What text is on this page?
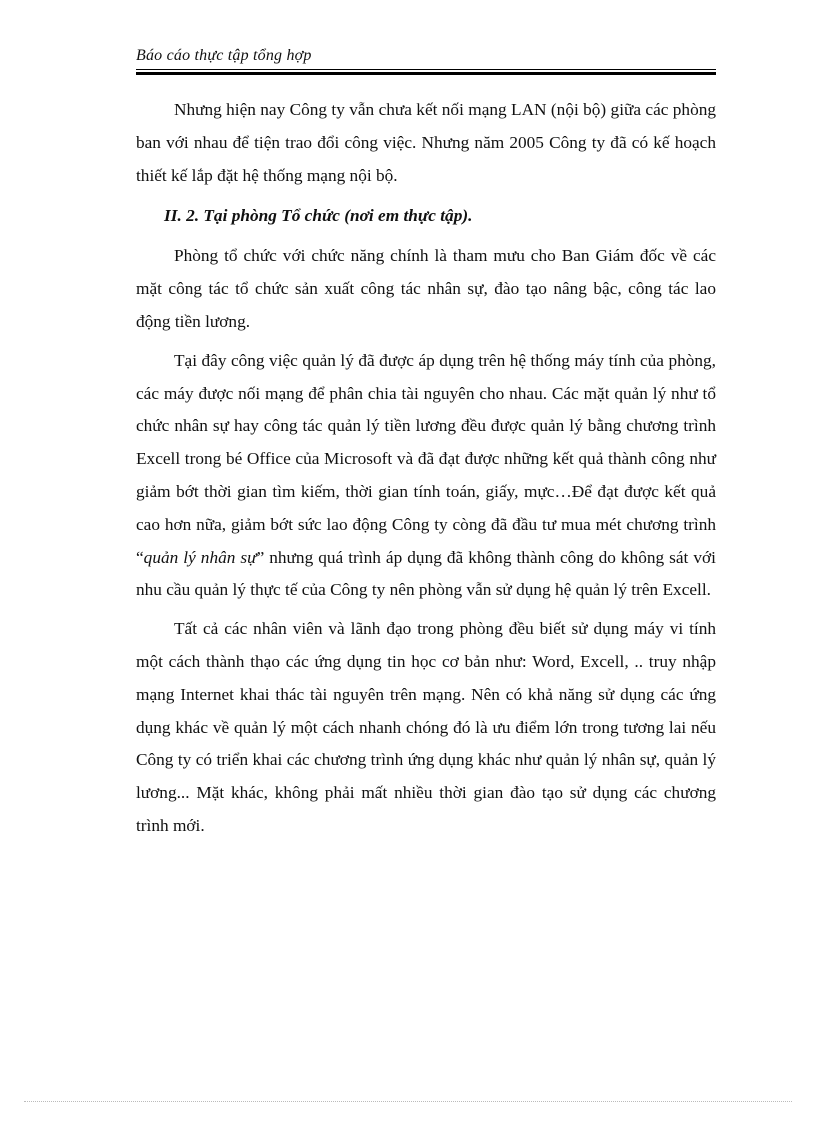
Báo cáo thực tập tổng hợp

Nhưng hiện nay Công ty vẫn chưa kết nối mạng LAN (nội bộ) giữa các phòng ban với nhau để tiện trao đổi công việc. Nhưng năm 2005 Công ty đã có kế hoạch thiết kế lắp đặt hệ thống mạng nội bộ.

II. 2. Tại phòng Tổ chức (nơi em thực tập).

Phòng tổ chức với chức năng chính là tham mưu cho Ban Giám đốc về các mặt công tác tổ chức sản xuất công tác nhân sự, đào tạo nâng bậc, công tác lao động tiền lương.

Tại đây công việc quản lý đã được áp dụng trên hệ thống máy tính của phòng, các máy được nối mạng để phân chia tài nguyên cho nhau. Các mặt quản lý như tổ chức nhân sự hay công tác quản lý tiền lương đều được quản lý bằng chương trình Excell trong bé Office của Microsoft và đã đạt được những kết quả thành công như giảm bớt thời gian tìm kiếm, thời gian tính toán, giấy, mực…Để đạt được kết quả cao hơn nữa, giảm bớt sức lao động Công ty còng đã đầu tư mua mét chương trình “quản lý nhân sự” nhưng quá trình áp dụng đã không thành công do không sát với nhu cầu quản lý thực tế của Công ty nên phòng vẫn sử dụng hệ quản lý trên Excell.

Tất cả các nhân viên và lãnh đạo trong phòng đều biết sử dụng máy vi tính một cách thành thạo các ứng dụng tin học cơ bản như: Word, Excell, .. truy nhập mạng Internet khai thác tài nguyên trên mạng. Nên có khả năng sử dụng các ứng dụng khác về quản lý một cách nhanh chóng đó là ưu điểm lớn trong tương lai nếu Công ty có triển khai các chương trình ứng dụng khác như quản lý nhân sự, quản lý lương... Mặt khác, không phải mất nhiều thời gian đào tạo sử dụng các chương trình mới.
